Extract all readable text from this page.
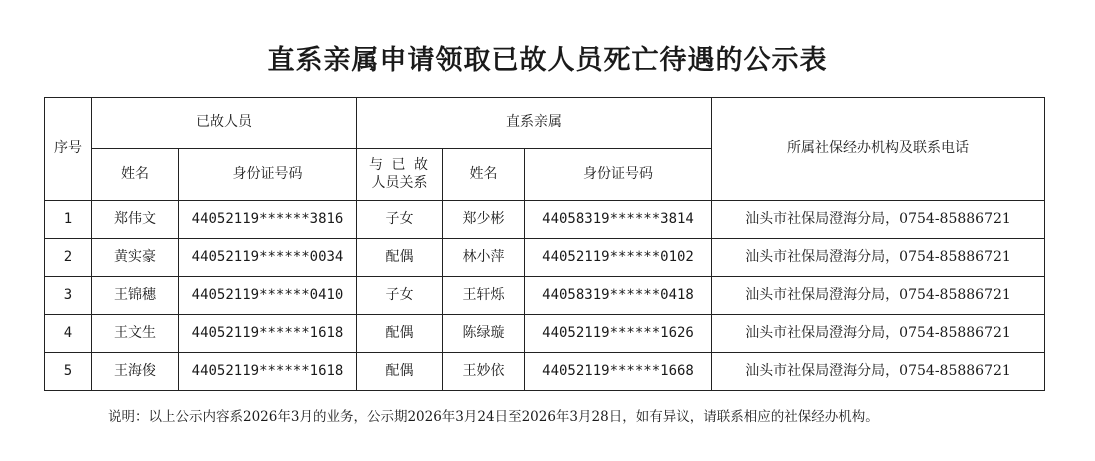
直系亲属申请领取已故人员死亡待遇的公示表
序号	已故人员		直系亲属			所属社保经办机构及联系电话
	姓名	身份证号码	与 已 故
人员关系	姓名	身份证号码	
1	郑伟文	44052119******3816	子女	郑少彬	44058319******3814	汕头市社保局澄海分局，0754-85886721
2	黄实豪	44052119******0034	配偶	林小萍	44052119******0102	汕头市社保局澄海分局，0754-85886721
3	王锦穗	44052119******0410	子女	王轩烁	44058319******0418	汕头市社保局澄海分局，0754-85886721
4	王文生	44052119******1618	配偶	陈绿璇	44052119******1626	汕头市社保局澄海分局，0754-85886721
5	王海俊	44052119******1618	配偶	王妙依	44052119******1668	汕头市社保局澄海分局，0754-85886721
说明：以上公示内容系2026年3月的业务，公示期2026年3月24日至2026年3月28日，如有异议，请联系相应的社保经办机构。
